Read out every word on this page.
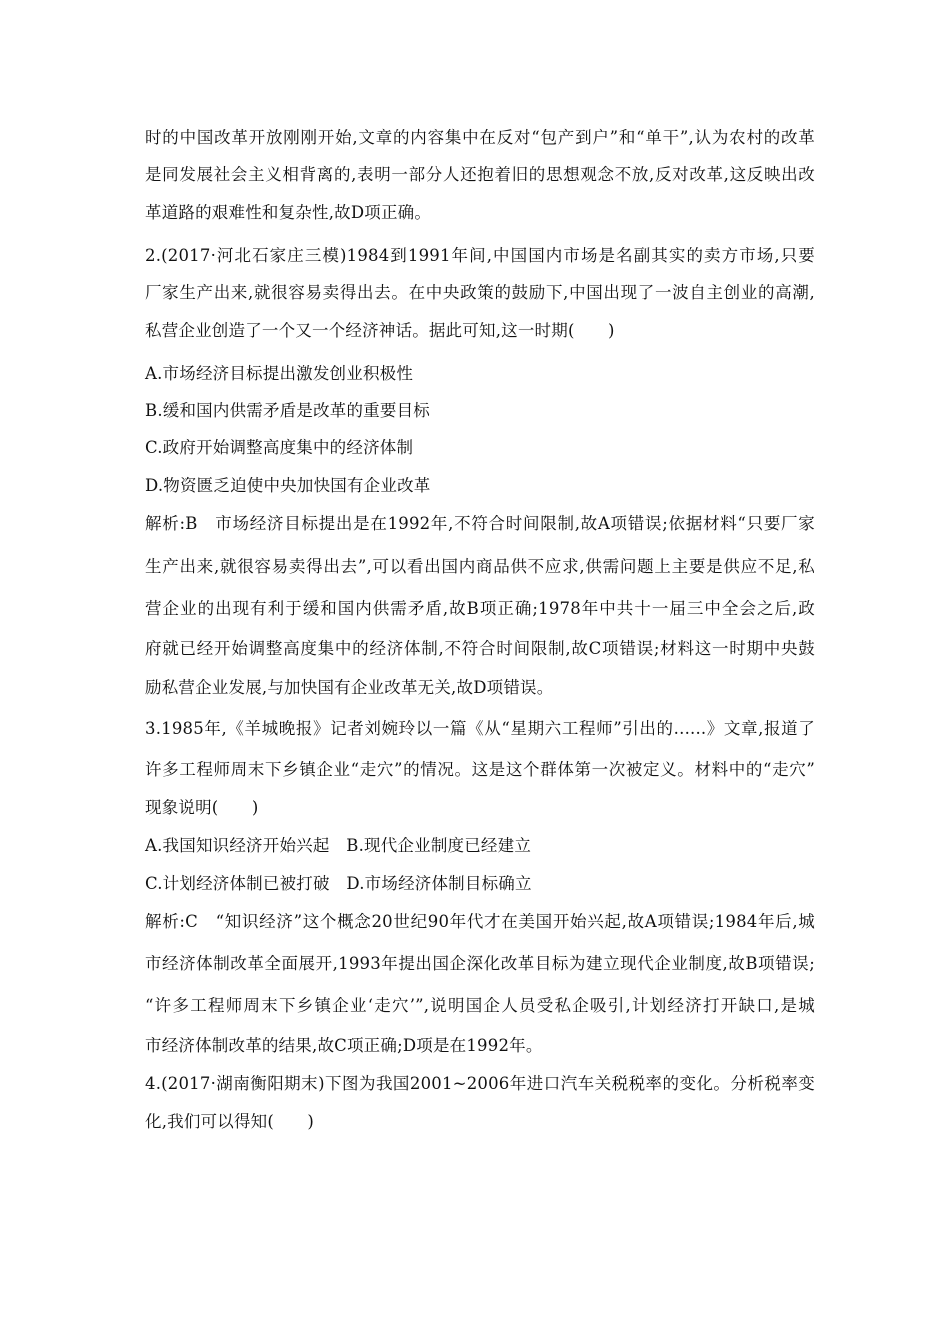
时的中国改革开放刚刚开始,文章的内容集中在反对“包产到户”和“单干”,认为农村的改革
是同发展社会主义相背离的,表明一部分人还抱着旧的思想观念不放,反对改革,这反映出改
革道路的艰难性和复杂性,故D项正确。
2.(2017·河北石家庄三模)1984到1991年间,中国国内市场是名副其实的卖方市场,只要
厂家生产出来,就很容易卖得出去。在中央政策的鼓励下,中国出现了一波自主创业的高潮,
私营企业创造了一个又一个经济神话。据此可知,这一时期(　　)
A.市场经济目标提出激发创业积极性
B.缓和国内供需矛盾是改革的重要目标
C.政府开始调整高度集中的经济体制
D.物资匮乏迫使中央加快国有企业改革
解析:B　市场经济目标提出是在1992年,不符合时间限制,故A项错误;依据材料“只要厂家
生产出来,就很容易卖得出去”,可以看出国内商品供不应求,供需问题上主要是供应不足,私
营企业的出现有利于缓和国内供需矛盾,故B项正确;1978年中共十一届三中全会之后,政
府就已经开始调整高度集中的经济体制,不符合时间限制,故C项错误;材料这一时期中央鼓
励私营企业发展,与加快国有企业改革无关,故D项错误。
3.1985年,《羊城晚报》记者刘婉玲以一篇《从“星期六工程师”引出的......》文章,报道了
许多工程师周末下乡镇企业“走穴”的情况。这是这个群体第一次被定义。材料中的“走穴”
现象说明(　　)
A.我国知识经济开始兴起　B.现代企业制度已经建立
C.计划经济体制已被打破　D.市场经济体制目标确立
解析:C　“知识经济”这个概念20世纪90年代才在美国开始兴起,故A项错误;1984年后,城
市经济体制改革全面展开,1993年提出国企深化改革目标为建立现代企业制度,故B项错误;
“许多工程师周末下乡镇企业‘走穴’”,说明国企人员受私企吸引,计划经济打开缺口,是城
市经济体制改革的结果,故C项正确;D项是在1992年。
4.(2017·湖南衡阳期末)下图为我国2001~2006年进口汽车关税税率的变化。分析税率变
化,我们可以得知(　　)
